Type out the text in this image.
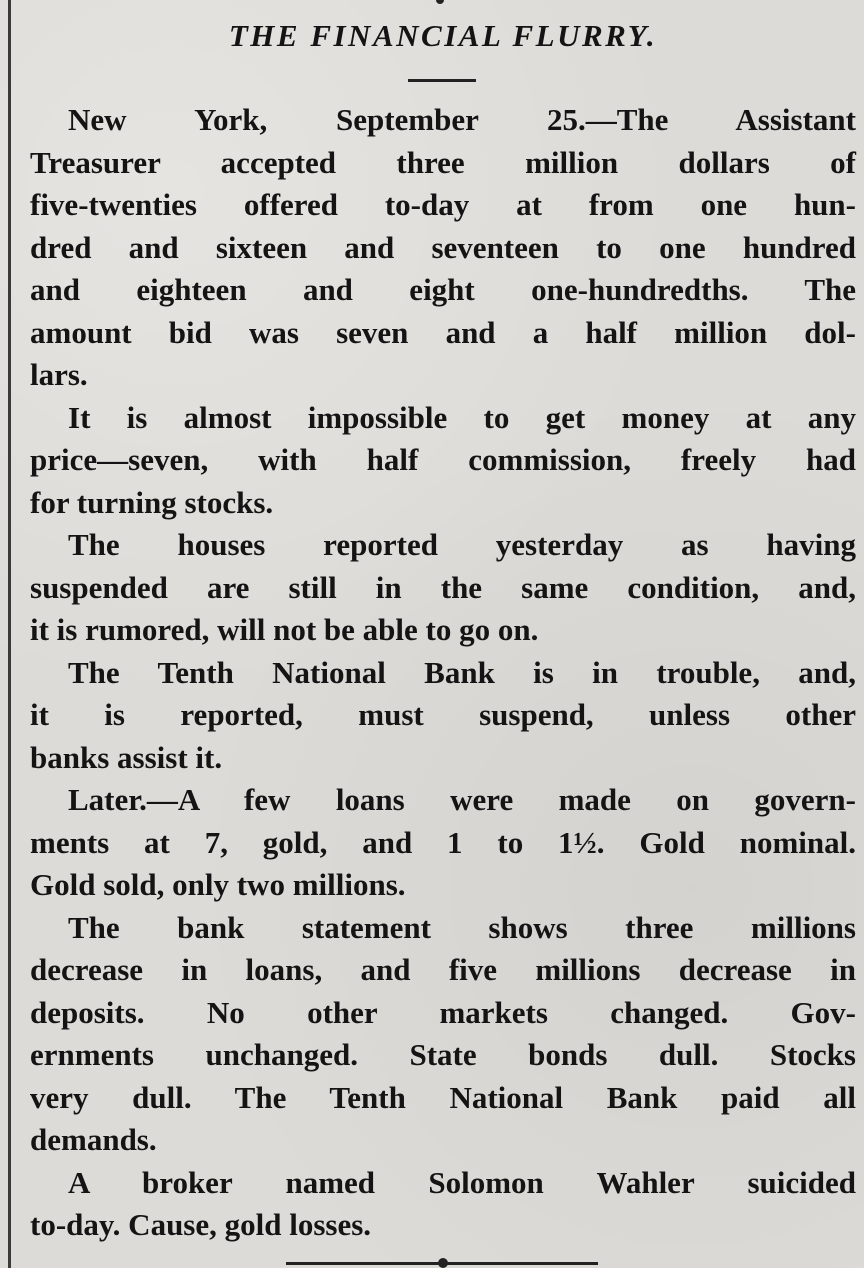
THE FINANCIAL FLURRY.

New York, September 25.—The Assistant
Treasurer accepted three million dollars of
five-twenties offered to-day at from one hun-
dred and sixteen and seventeen to one hundred
and eighteen and eight one-hundredths. The
amount bid was seven and a half million dol-
lars.

It is almost impossible to get money at any
price—seven, with half commission, freely had
for turning stocks.

The houses reported yesterday as having
suspended are still in the same condition, and,
it is rumored, will not be able to go on.

The Tenth National Bank is in trouble, and,
it is reported, must suspend, unless other
banks assist it.

Later.—A few loans were made on govern-
ments at 7, gold, and 1 to 1½. Gold nominal.
Gold sold, only two millions.

The bank statement shows three millions
decrease in loans, and five millions decrease in
deposits. No other markets changed. Gov-
ernments unchanged. State bonds dull. Stocks
very dull. The Tenth National Bank paid all
demands.

A broker named Solomon Wahler suicided
to-day. Cause, gold losses.
